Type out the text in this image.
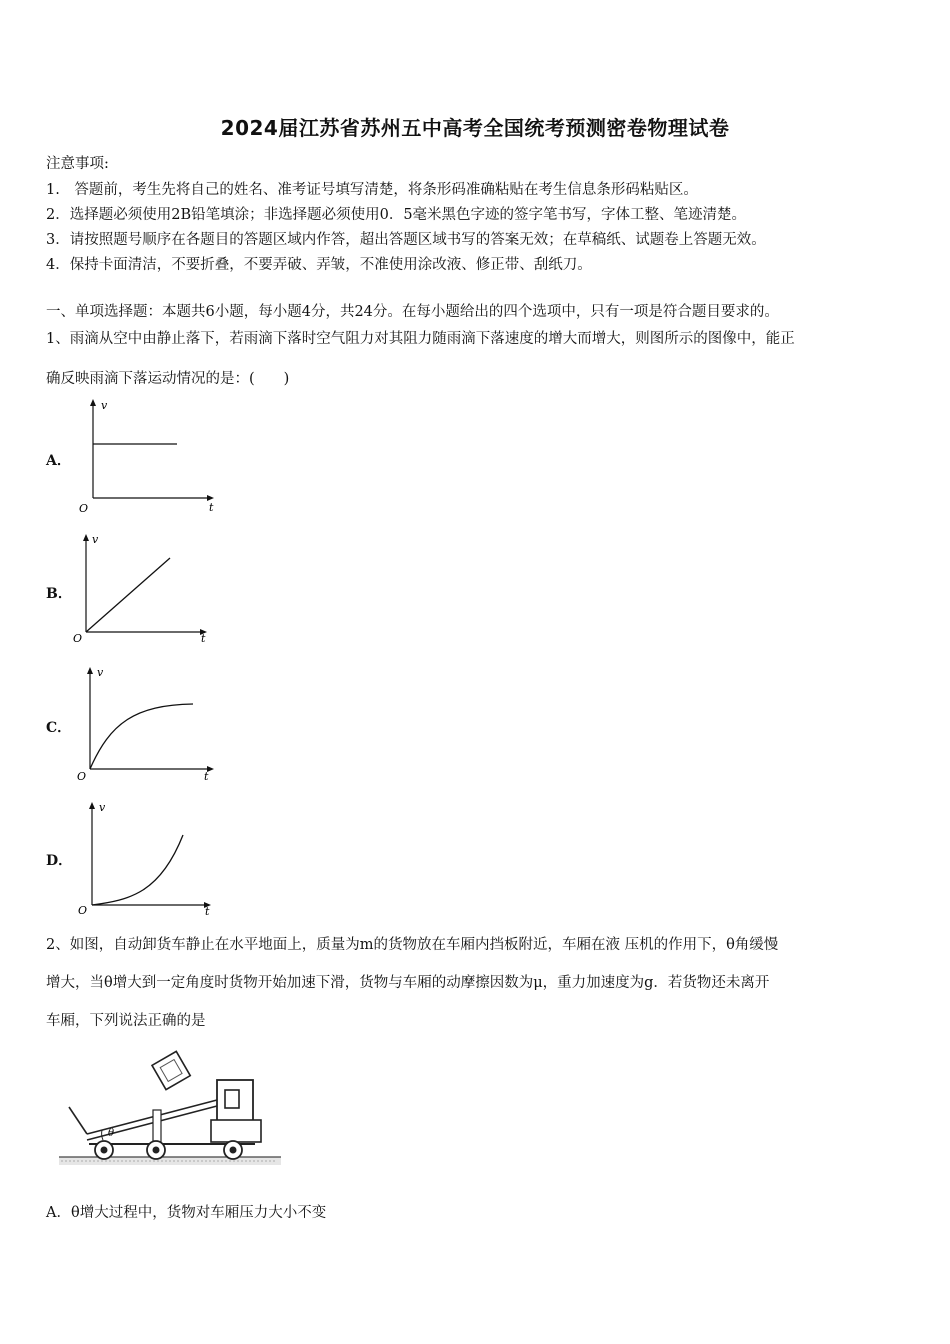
2024届江苏省苏州五中高考全国统考预测密卷物理试卷
注意事项:
1.　答题前，考生先将自己的姓名、准考证号填写清楚，将条形码准确粘贴在考生信息条形码粘贴区。
2．选择题必须使用2B铅笔填涂；非选择题必须使用0．5毫米黑色字迹的签字笔书写，字体工整、笔迹清楚。
3．请按照题号顺序在各题目的答题区域内作答，超出答题区域书写的答案无效；在草稿纸、试题卷上答题无效。
4．保持卡面清洁，不要折叠，不要弄破、弄皱，不准使用涂改液、修正带、刮纸刀。
一、单项选择题：本题共6小题，每小题4分，共24分。在每小题给出的四个选项中，只有一项是符合题目要求的。
1、雨滴从空中由静止落下，若雨滴下落时空气阻力对其阻力随雨滴下落速度的增大而增大，则图所示的图像中，能正
确反映雨滴下落运动情况的是：(　　)
A．
v
t
O
B．
v
t
O
C．
v
t
O
D．
v
t
O
2、如图，自动卸货车静止在水平地面上，质量为m的货物放在车厢内挡板附近，车厢在液 压机的作用下，θ角缓慢
增大，当θ增大到一定角度时货物开始加速下滑，货物与车厢的动摩擦因数为μ，重力加速度为g．若货物还未离开
车厢，下列说法正确的是
θ
A．θ增大过程中，货物对车厢压力大小不变
